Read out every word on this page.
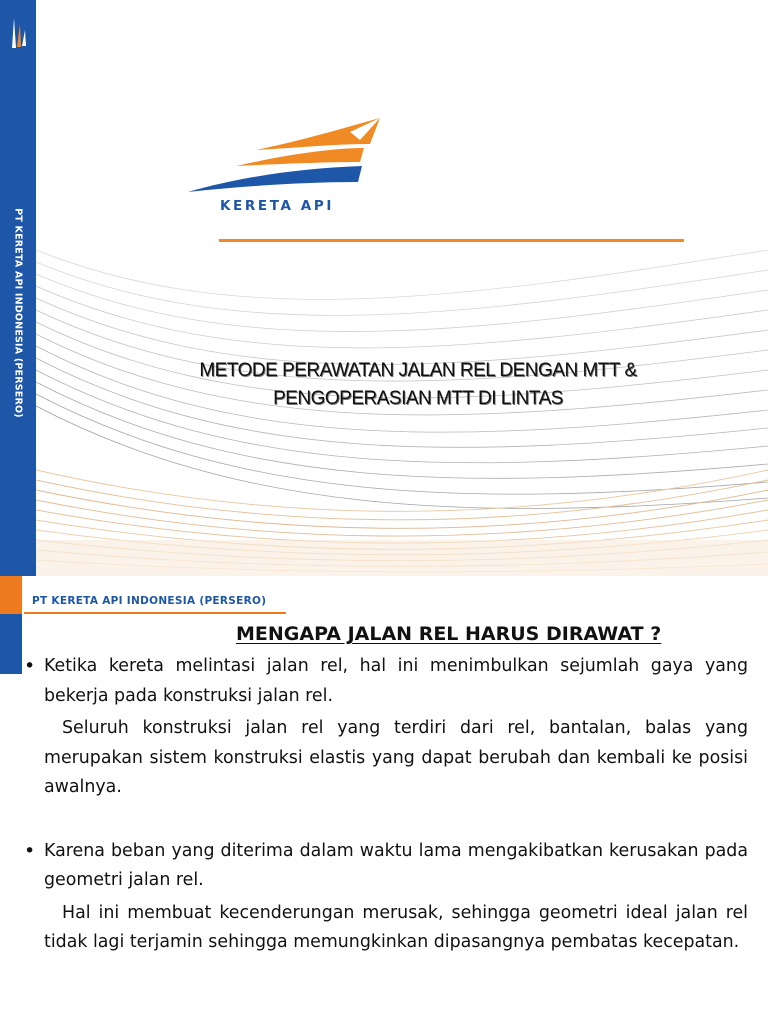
PT KERETA API INDONESIA (PERSERO)
KERETA API
METODE PERAWATAN JALAN REL DENGAN MTT &
PENGOPERASIAN MTT DI LINTAS
PT KERETA API INDONESIA (PERSERO)
MENGAPA JALAN REL HARUS DIRAWAT ?
• Ketika kereta melintasi jalan rel, hal ini menimbulkan sejumlah gaya yang bekerja pada konstruksi jalan rel.

Seluruh konstruksi jalan rel yang terdiri dari rel, bantalan, balas yang merupakan sistem konstruksi elastis yang dapat berubah dan kembali ke posisi awalnya.

• Karena beban yang diterima dalam waktu lama mengakibatkan kerusakan pada geometri jalan rel.

Hal ini membuat kecenderungan merusak, sehingga geometri ideal jalan rel tidak lagi terjamin sehingga memungkinkan dipasangnya pembatas kecepatan.
